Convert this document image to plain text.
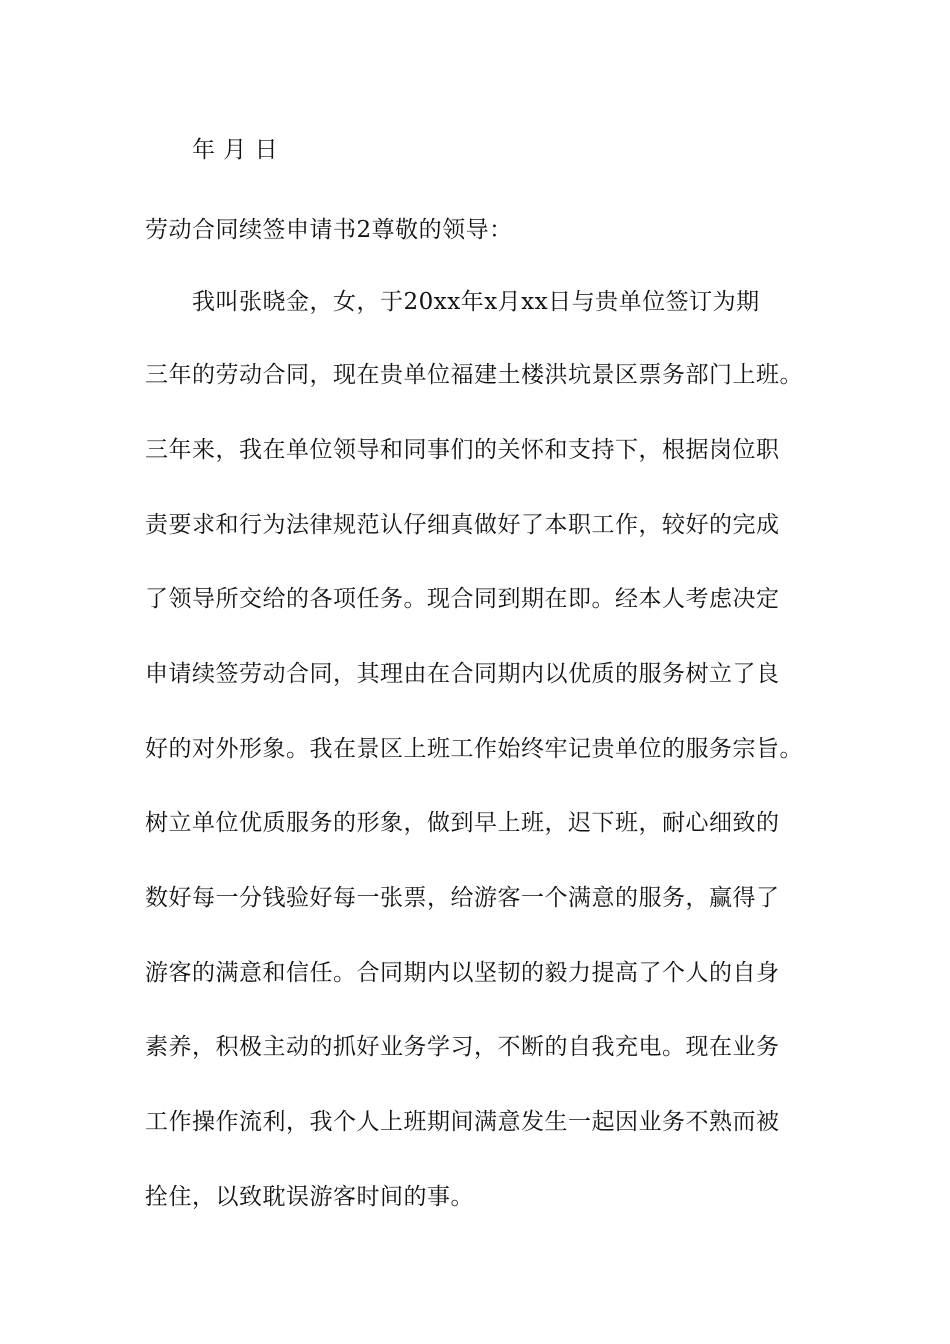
年 月 日
劳动合同续签申请书2尊敬的领导：
我叫张晓金，女，于20xx年x月xx日与贵单位签订为期
三年的劳动合同，现在贵单位福建土楼洪坑景区票务部门上班。
三年来，我在单位领导和同事们的关怀和支持下，根据岗位职
责要求和行为法律规范认仔细真做好了本职工作，较好的完成
了领导所交给的各项任务。现合同到期在即。经本人考虑决定
申请续签劳动合同，其理由在合同期内以优质的服务树立了良
好的对外形象。我在景区上班工作始终牢记贵单位的服务宗旨。
树立单位优质服务的形象，做到早上班，迟下班，耐心细致的
数好每一分钱验好每一张票，给游客一个满意的服务，赢得了
游客的满意和信任。合同期内以坚韧的毅力提高了个人的自身
素养，积极主动的抓好业务学习，不断的自我充电。现在业务
工作操作流利，我个人上班期间满意发生一起因业务不熟而被
拴住，以致耽误游客时间的事。
